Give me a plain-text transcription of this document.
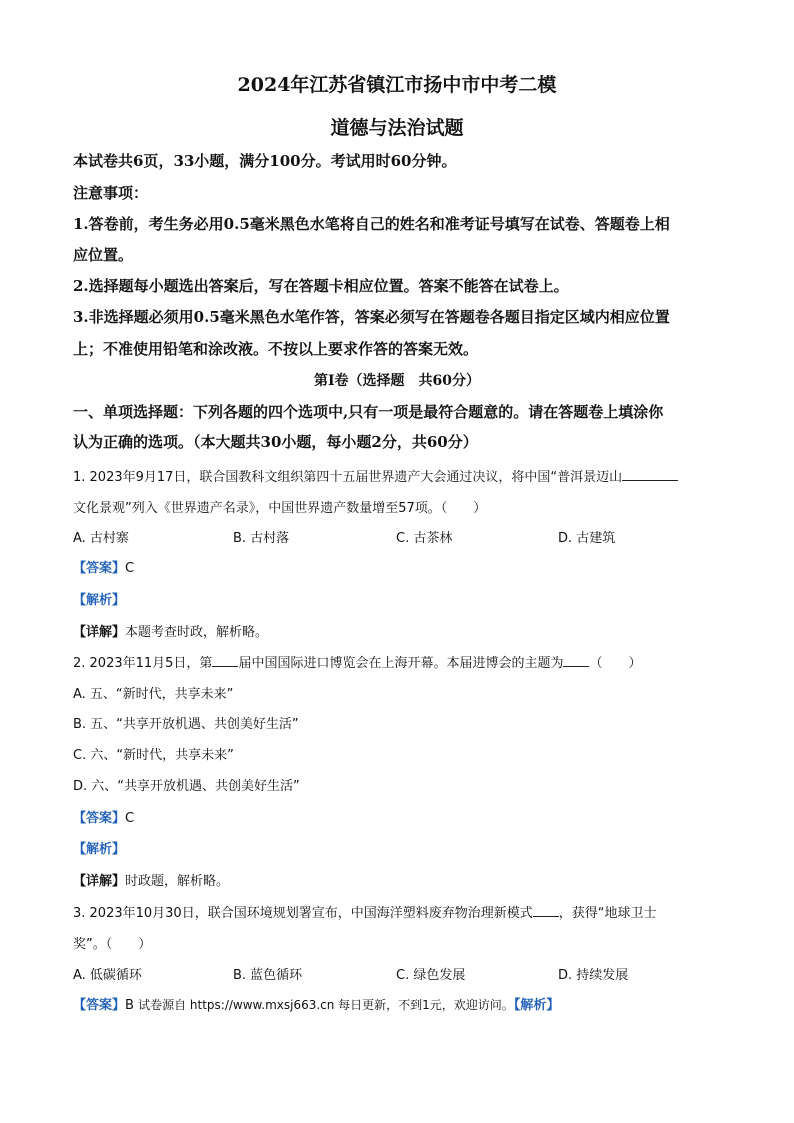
2024年江苏省镇江市扬中市中考二模
道德与法治试题
本试卷共6页，33小题，满分100分。考试用时60分钟。
注意事项：
1.答卷前，考生务必用0.5毫米黑色水笔将自己的姓名和准考证号填写在试卷、答题卷上相
应位置。
2.选择题每小题选出答案后，写在答题卡相应位置。答案不能答在试卷上。
3.非选择题必须用0.5毫米黑色水笔作答，答案必须写在答题卷各题目指定区域内相应位置
上；不准使用铅笔和涂改液。不按以上要求作答的答案无效。
第Ⅰ卷（选择题　共60分）
一、单项选择题：下列各题的四个选项中,只有一项是最符合题意的。请在答题卷上填涂你
认为正确的选项。（本大题共30小题，每小题2分，共60分）
1. 2023年9月17日，联合国教科文组织第四十五届世界遗产大会通过决议，将中国“普洱景迈山
文化景观”列入《世界遗产名录》，中国世界遗产数量增至57项。（　　）
A. 古村寨	B. 古村落	C. 古茶林	D. 古建筑
【答案】C
【解析】
【详解】本题考查时政，解析略。
2. 2023年11月5日，第 届中国国际进口博览会在上海开幕。本届进博会的主题为 （　　）
A. 五、“新时代，共享未来”
B. 五、“共享开放机遇、共创美好生活”
C. 六、“新时代，共享未来”
D. 六、“共享开放机遇、共创美好生活”
【答案】C
【解析】
【详解】时政题，解析略。
3. 2023年10月30日，联合国环境规划署宣布，中国海洋塑料废弃物治理新模式 ，获得“地球卫士
奖”。（　　）
A. 低碳循环	B. 蓝色循环	C. 绿色发展	D. 持续发展
【答案】B 试卷源自 https://www.mxsj663.cn 每日更新，不到1元，欢迎访问。【解析】
